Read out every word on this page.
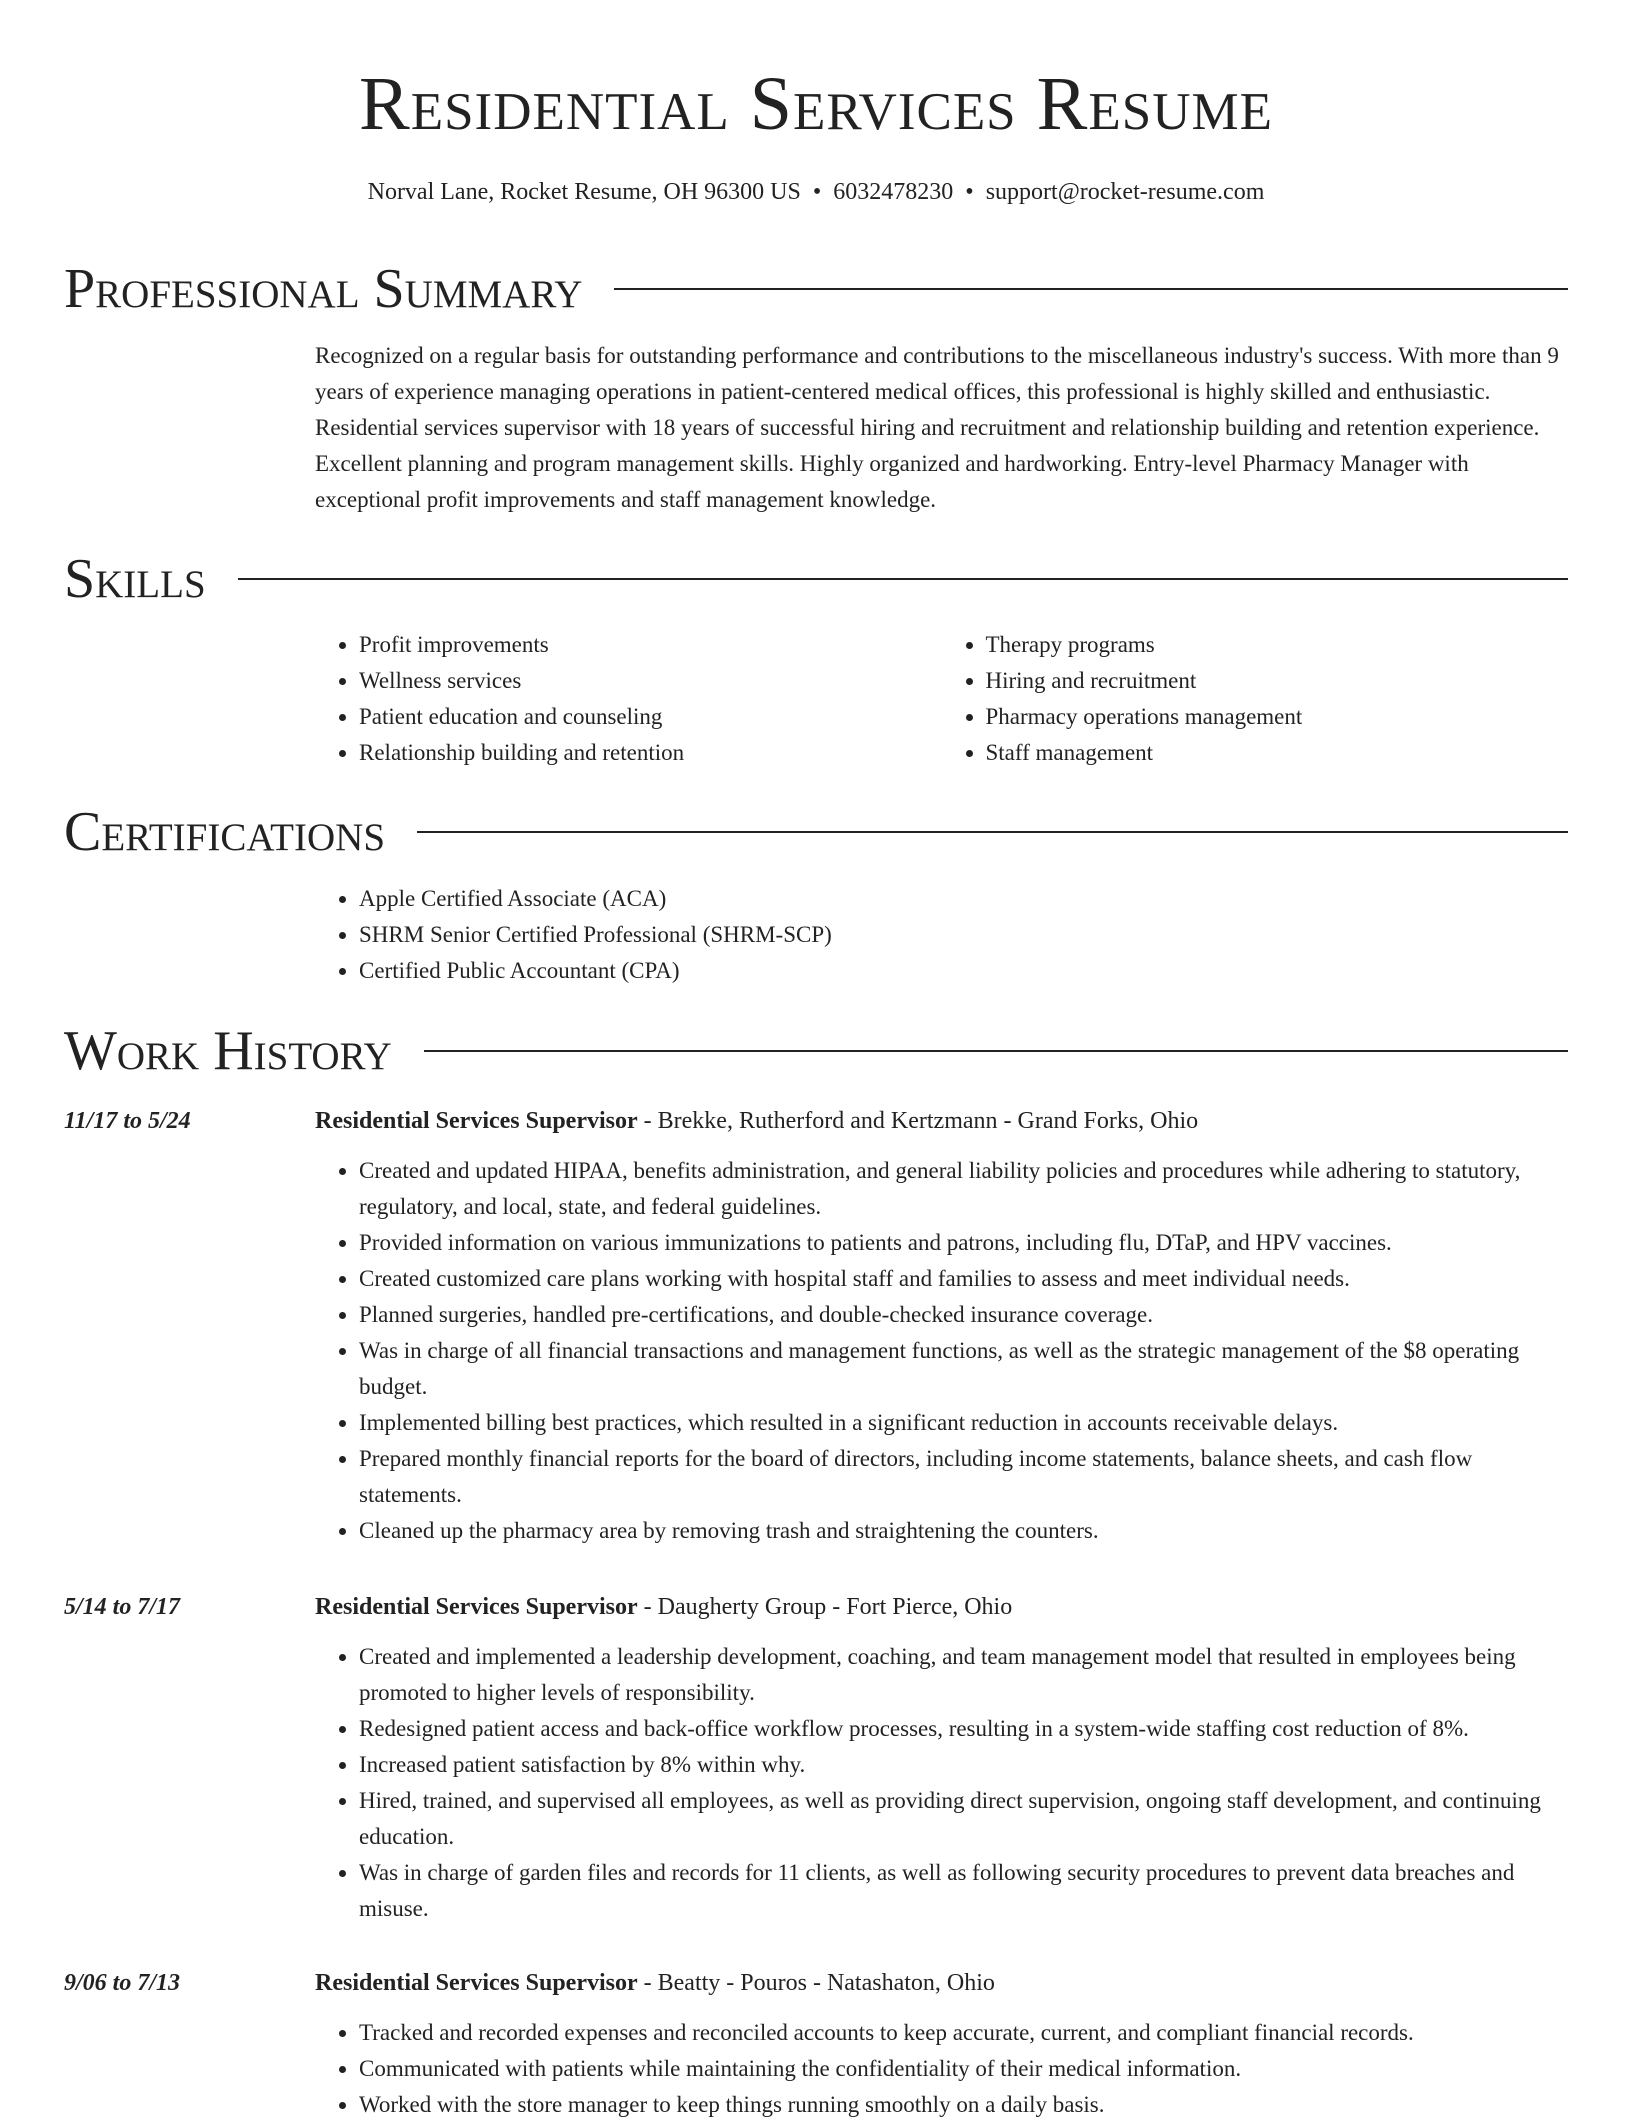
Residential Services Resume
Norval Lane, Rocket Resume, OH 96300 US • 6032478230 • support@rocket-resume.com
Professional Summary

Recognized on a regular basis for outstanding performance and contributions to the miscellaneous industry's success. With more than 9 years of experience managing operations in patient-centered medical offices, this professional is highly skilled and enthusiastic. Residential services supervisor with 18 years of successful hiring and recruitment and relationship building and retention experience. Excellent planning and program management skills. Highly organized and hardworking. Entry-level Pharmacy Manager with exceptional profit improvements and staff management knowledge.

Skills
• Profit improvements
• Wellness services
• Patient education and counseling
• Relationship building and retention
• Therapy programs
• Hiring and recruitment
• Pharmacy operations management
• Staff management
Certifications
• Apple Certified Associate (ACA)
• SHRM Senior Certified Professional (SHRM-SCP)
• Certified Public Accountant (CPA)
Work History
11/17 to 5/24	Residential Services Supervisor - Brekke, Rutherford and Kertzmann - Grand Forks, Ohio
• Created and updated HIPAA, benefits administration, and general liability policies and procedures while adhering to statutory, regulatory, and local, state, and federal guidelines.
• Provided information on various immunizations to patients and patrons, including flu, DTaP, and HPV vaccines.
• Created customized care plans working with hospital staff and families to assess and meet individual needs.
• Planned surgeries, handled pre-certifications, and double-checked insurance coverage.
• Was in charge of all financial transactions and management functions, as well as the strategic management of the $8 operating budget.
• Implemented billing best practices, which resulted in a significant reduction in accounts receivable delays.
• Prepared monthly financial reports for the board of directors, including income statements, balance sheets, and cash flow statements.
• Cleaned up the pharmacy area by removing trash and straightening the counters.
5/14 to 7/17	Residential Services Supervisor - Daugherty Group - Fort Pierce, Ohio
• Created and implemented a leadership development, coaching, and team management model that resulted in employees being promoted to higher levels of responsibility.
• Redesigned patient access and back-office workflow processes, resulting in a system-wide staffing cost reduction of 8%.
• Increased patient satisfaction by 8% within why.
• Hired, trained, and supervised all employees, as well as providing direct supervision, ongoing staff development, and continuing education.
• Was in charge of garden files and records for 11 clients, as well as following security procedures to prevent data breaches and misuse.
9/06 to 7/13	Residential Services Supervisor - Beatty - Pouros - Natashaton, Ohio
• Tracked and recorded expenses and reconciled accounts to keep accurate, current, and compliant financial records.
• Communicated with patients while maintaining the confidentiality of their medical information.
• Worked with the store manager to keep things running smoothly on a daily basis.
